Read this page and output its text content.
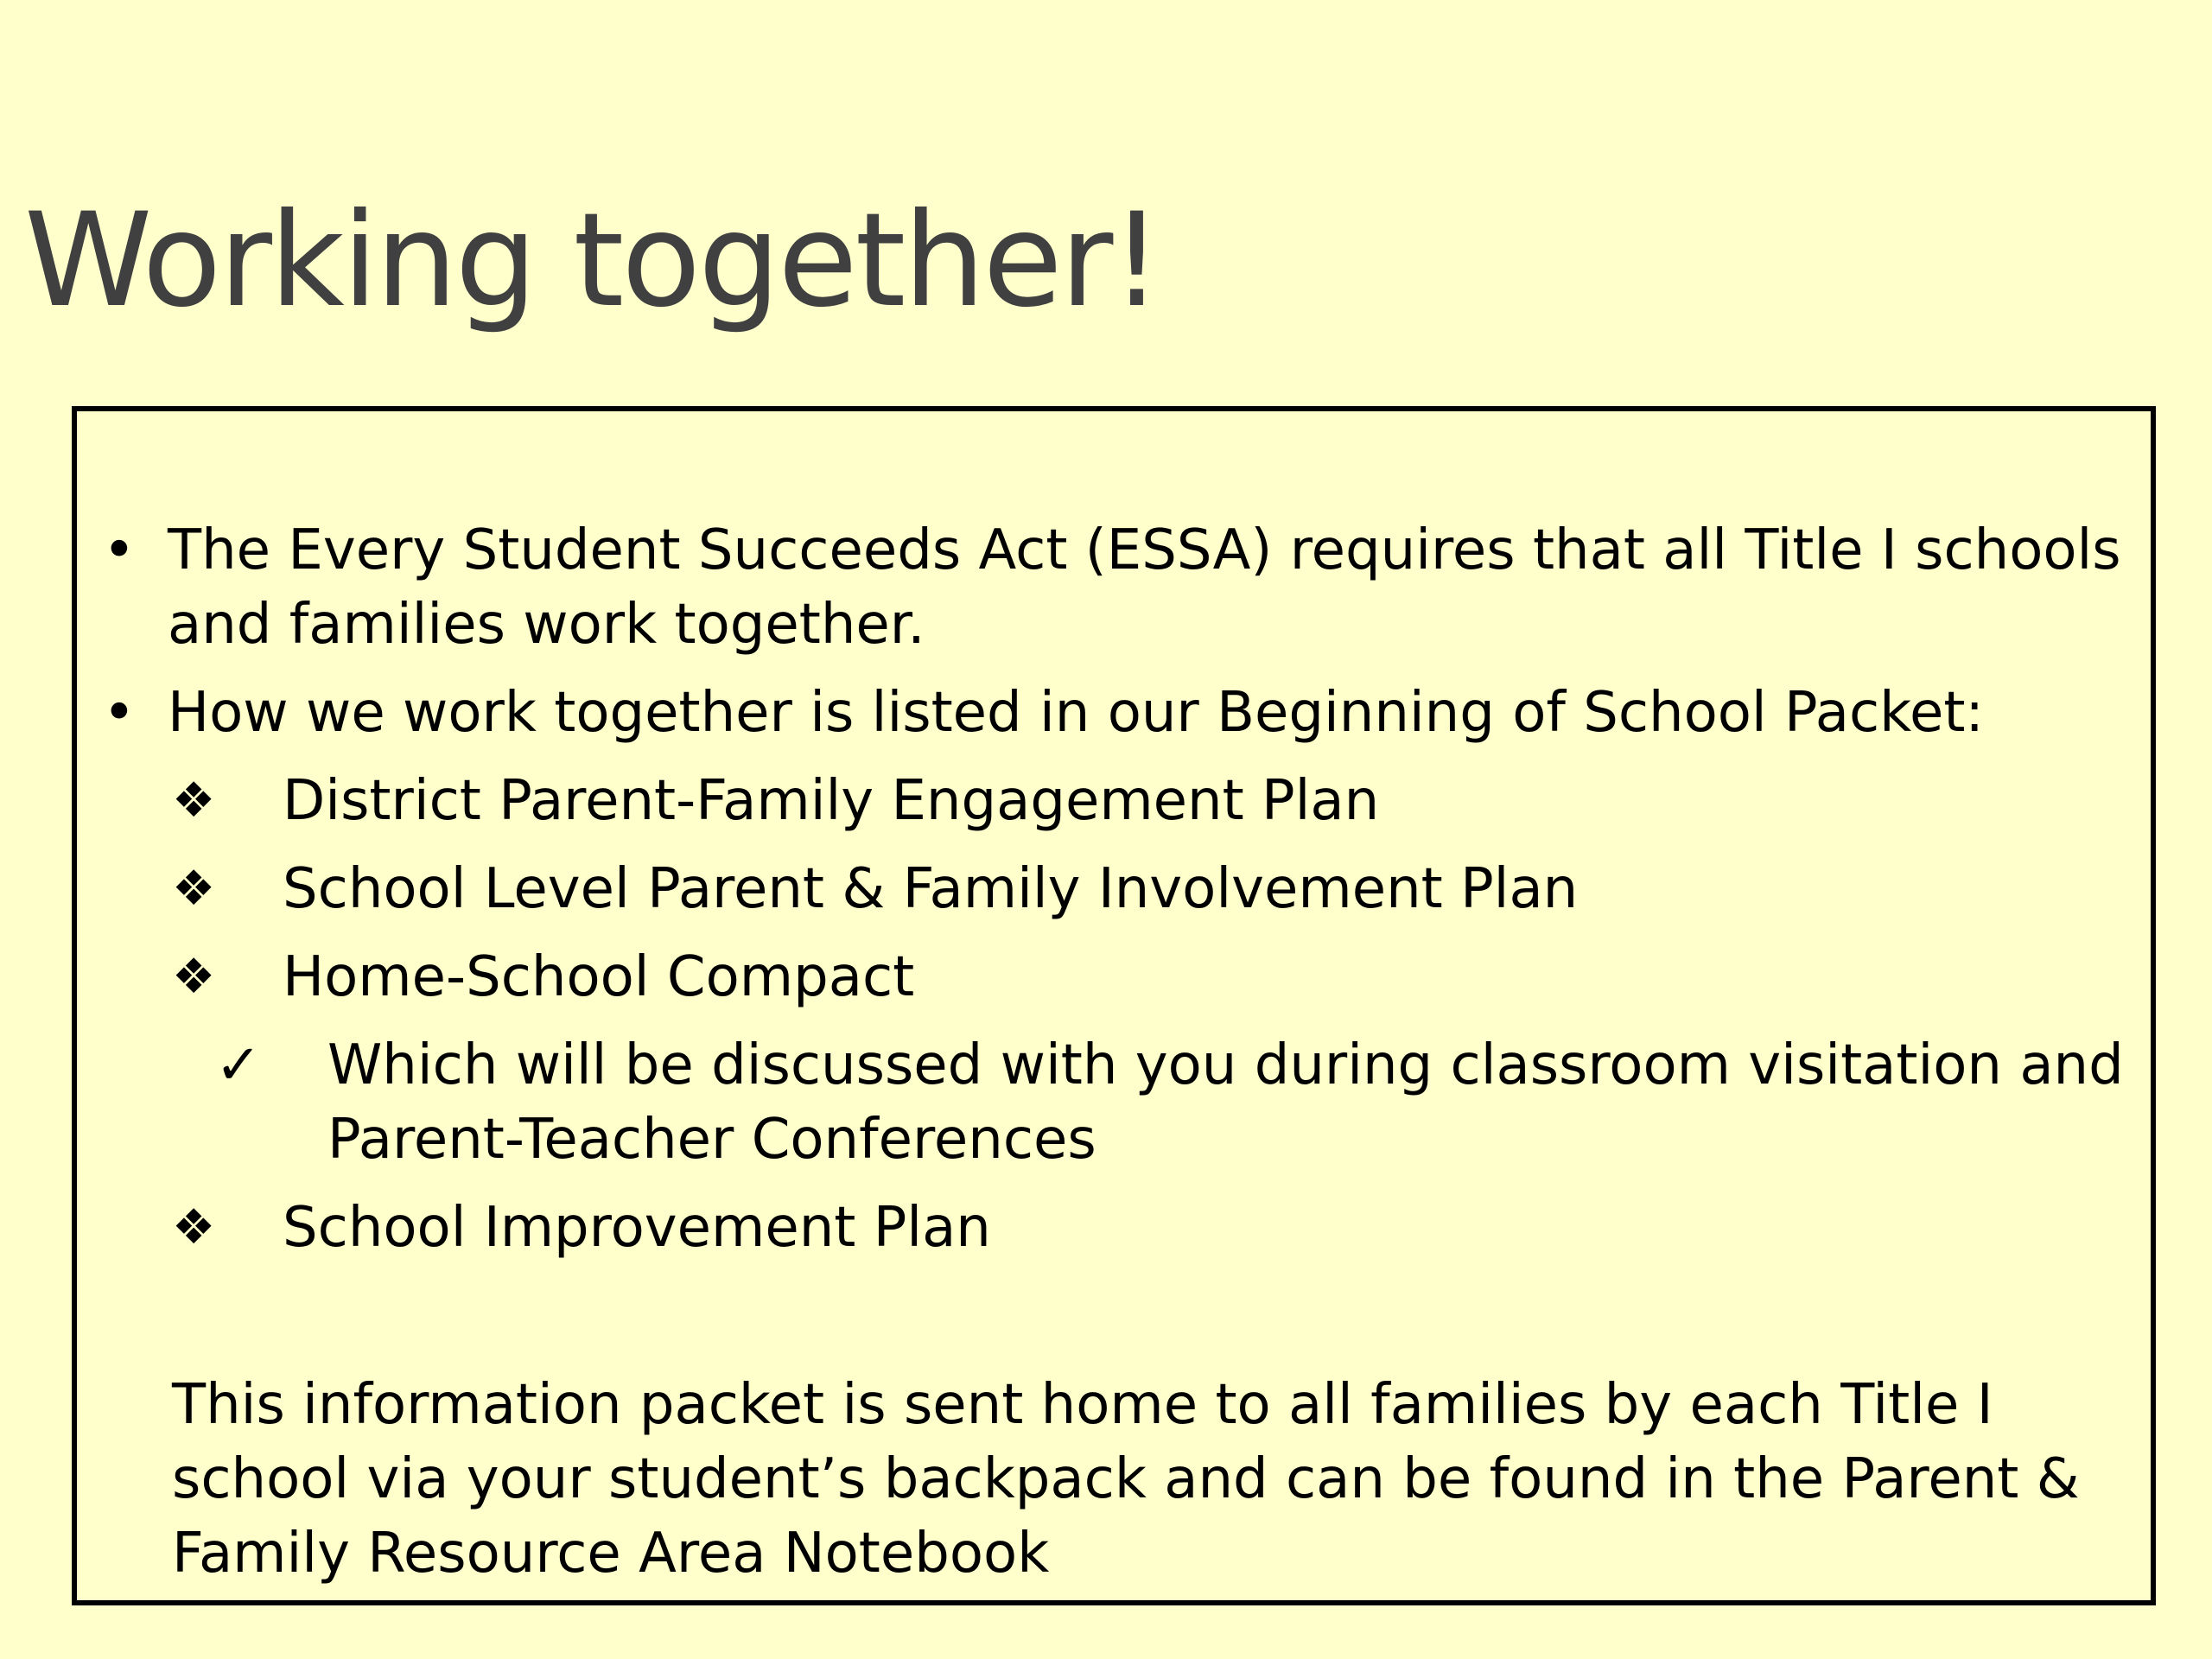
Working together!
• The Every Student Succeeds Act (ESSA) requires that all Title I schools and families work together.
• How we work together is listed in our Beginning of School Packet:
❖ District Parent-Family Engagement Plan
❖ School Level Parent & Family Involvement Plan
❖ Home-School Compact
✓ Which will be discussed with you during classroom visitation and Parent-Teacher Conferences
❖ School Improvement Plan
This information packet is sent home to all families by each Title I school via your student’s backpack and can be found in the Parent & Family Resource Area Notebook
